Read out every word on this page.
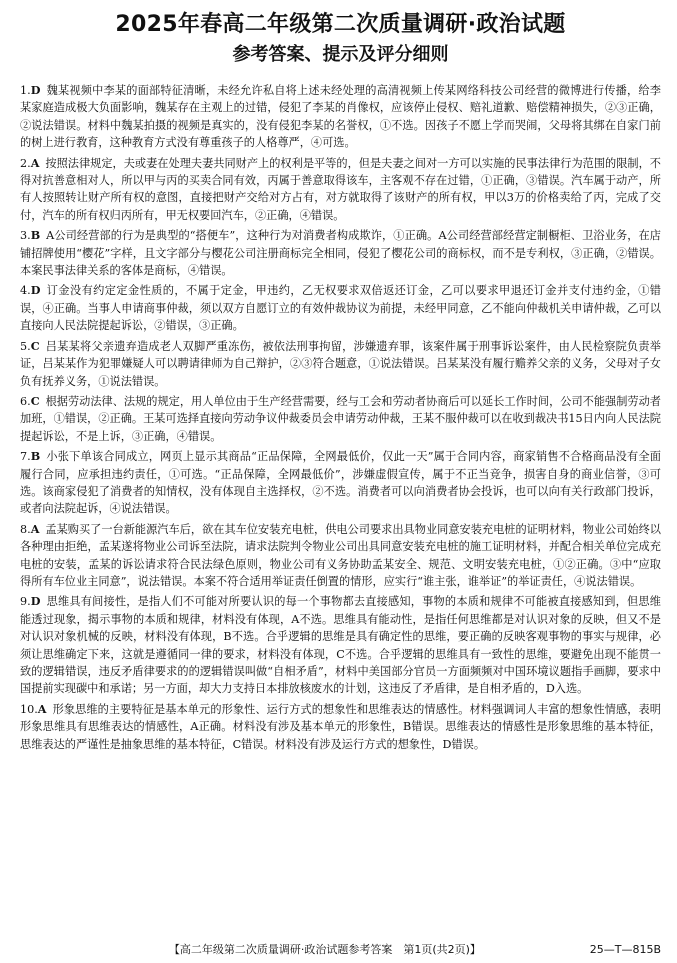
2025年春高二年级第二次质量调研·政治试题
参考答案、提示及评分细则
1.D 魏某视频中李某的面部特征清晰，未经允许私自将上述未经处理的高清视频上传某网络科技公司经营的微博进行传播，给李某家庭造成极大负面影响，魏某存在主观上的过错，侵犯了李某的肖像权，应该停止侵权、赔礼道歉、赔偿精神损失，②③正确，②说法错误。材料中魏某拍摄的视频是真实的，没有侵犯李某的名誉权，①不选。因孩子不愿上学而哭闹，父母将其绑在自家门前的树上进行教育，这种教育方式没有尊重孩子的人格尊严，④可选。
2.A 按照法律规定，夫或妻在处理夫妻共同财产上的权利是平等的，但是夫妻之间对一方可以实施的民事法律行为范围的限制，不得对抗善意相对人，所以甲与丙的买卖合同有效，丙属于善意取得该车，主客观不存在过错，①正确，③错误。汽车属于动产，所有人按照转让财产所有权的意图，直接把财产交给对方占有，对方就取得了该财产的所有权，甲以3万的价格卖给了丙，完成了交付，汽车的所有权归丙所有，甲无权要回汽车，②正确，④错误。
3.B A公司经营部的行为是典型的“搭便车”，这种行为对消费者构成欺诈，①正确。A公司经营部经营定制橱柜、卫浴业务，在店铺招牌使用“樱花”字样，且文字部分与樱花公司注册商标完全相同，侵犯了樱花公司的商标权，而不是专利权，③正确，②错误。本案民事法律关系的客体是商标，④错误。
4.D 订金没有约定定金性质的，不属于定金，甲违约，乙无权要求双倍返还订金，乙可以要求甲退还订金并支付违约金，①错误，④正确。当事人申请商事仲裁，须以双方自愿订立的有效仲裁协议为前提，未经甲同意，乙不能向仲裁机关申请仲裁，乙可以直接向人民法院提起诉讼，②错误，③正确。
5.C 吕某某将父亲遗弃造成老人双脚严重冻伤，被依法刑事拘留，涉嫌遗弃罪，该案件属于刑事诉讼案件，由人民检察院负责举证，吕某某作为犯罪嫌疑人可以聘请律师为自己辩护，②③符合题意，①说法错误。吕某某没有履行赡养父亲的义务，父母对子女负有抚养义务，①说法错误。
6.C 根据劳动法律、法规的规定，用人单位由于生产经营需要，经与工会和劳动者协商后可以延长工作时间，公司不能强制劳动者加班，①错误，②正确。王某可选择直接向劳动争议仲裁委员会申请劳动仲裁，王某不服仲裁可以在收到裁决书15日内向人民法院提起诉讼，不是上诉，③正确，④错误。
7.B 小张下单该合同成立，网页上显示其商品“正品保障，全网最低价，仅此一天”属于合同内容，商家销售不合格商品没有全面履行合同，应承担违约责任，①可选。“正品保障，全网最低价”，涉嫌虚假宣传，属于不正当竞争，损害自身的商业信誉，③可选。该商家侵犯了消费者的知情权，没有体现自主选择权，②不选。消费者可以向消费者协会投诉，也可以向有关行政部门投诉，或者向法院起诉，④说法错误。
8.A 孟某购买了一台新能源汽车后，欲在其车位安装充电桩，供电公司要求出具物业同意安装充电桩的证明材料，物业公司始终以各种理由拒绝，孟某遂将物业公司诉至法院，请求法院判令物业公司出具同意安装充电桩的施工证明材料，并配合相关单位完成充电桩的安装，孟某的诉讼请求符合民法绿色原则，物业公司有义务协助孟某安全、规范、文明安装充电桩，①②正确。③中“应取得所有车位业主同意”，说法错误。本案不符合适用举证责任倒置的情形，应实行“谁主张，谁举证”的举证责任，④说法错误。
9.D 思维具有间接性，是指人们不可能对所要认识的每一个事物都去直接感知，事物的本质和规律不可能被直接感知到，但思维能透过现象，揭示事物的本质和规律，材料没有体现，A不选。思维具有能动性，是指任何思维都是对认识对象的反映，但又不是对认识对象机械的反映，材料没有体现，B不选。合乎逻辑的思维是具有确定性的思维，要正确的反映客观事物的事实与规律，必须让思维确定下来，这就是遵循同一律的要求，材料没有体现，C不选。合乎逻辑的思维具有一致性的思维，要避免出现不能贯一致的逻辑错误，违反矛盾律要求的的逻辑错误叫做“自相矛盾”，材料中美国部分官员一方面频频对中国环境议题指手画脚，要求中国提前实现碳中和承诺；另一方面，却大力支持日本排放核废水的计划，这违反了矛盾律，是自相矛盾的，D入选。
10.A 形象思维的主要特征是基本单元的形象性、运行方式的想象性和思维表达的情感性。材料强调词人丰富的想象性情感，表明形象思维具有思维表达的情感性，A正确。材料没有涉及基本单元的形象性，B错误。思维表达的情感性是形象思维的基本特征，思维表达的严谨性是抽象思维的基本特征，C错误。材料没有涉及运行方式的想象性，D错误。
【高二年级第二次质量调研·政治试题参考答案　第1页(共2页)】	25—T—815B
